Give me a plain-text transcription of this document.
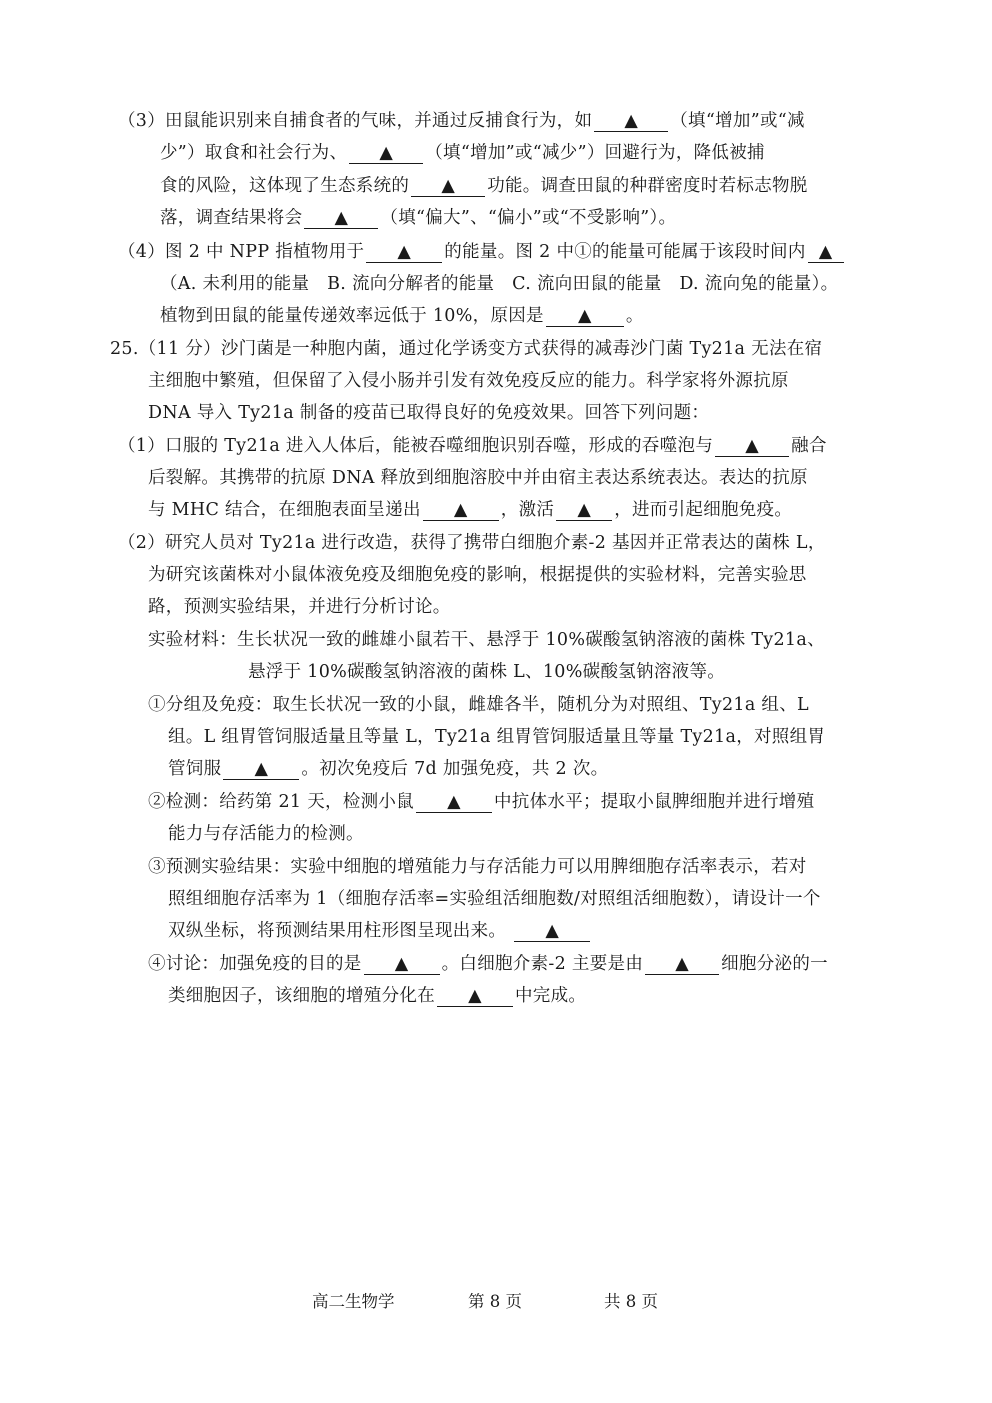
（3）田鼠能识别来自捕食者的气味，并通过反捕食行为，如 ▲ （填“增加”或“减
少”）取食和社会行为、 ▲ （填“增加”或“减少”）回避行为，降低被捕
食的风险，这体现了生态系统的 ▲ 功能。调查田鼠的种群密度时若标志物脱
落，调查结果将会 ▲ （填“偏大”、“偏小”或“不受影响”）。
（4）图 2 中 NPP 指植物用于 ▲ 的能量。图 2 中①的能量可能属于该段时间内 ▲
（A. 未利用的能量　B. 流向分解者的能量　C. 流向田鼠的能量　D. 流向兔的能量）。
植物到田鼠的能量传递效率远低于 10%，原因是 ▲ 。
25.（11 分）沙门菌是一种胞内菌，通过化学诱变方式获得的减毒沙门菌 Ty21a 无法在宿
主细胞中繁殖，但保留了入侵小肠并引发有效免疫反应的能力。科学家将外源抗原
DNA 导入 Ty21a 制备的疫苗已取得良好的免疫效果。回答下列问题：
（1）口服的 Ty21a 进入人体后，能被吞噬细胞识别吞噬，形成的吞噬泡与 ▲ 融合
后裂解。其携带的抗原 DNA 释放到细胞溶胶中并由宿主表达系统表达。表达的抗原
与 MHC 结合，在细胞表面呈递出 ▲ ，激活 ▲ ，进而引起细胞免疫。
（2）研究人员对 Ty21a 进行改造，获得了携带白细胞介素-2 基因并正常表达的菌株 L，
为研究该菌株对小鼠体液免疫及细胞免疫的影响，根据提供的实验材料，完善实验思
路，预测实验结果，并进行分析讨论。
实验材料：生长状况一致的雌雄小鼠若干、悬浮于 10%碳酸氢钠溶液的菌株 Ty21a、
悬浮于 10%碳酸氢钠溶液的菌株 L、10%碳酸氢钠溶液等。
①分组及免疫：取生长状况一致的小鼠，雌雄各半，随机分为对照组、Ty21a 组、L
组。L 组胃管饲服适量且等量 L，Ty21a 组胃管饲服适量且等量 Ty21a，对照组胃
管饲服 ▲ 。初次免疫后 7d 加强免疫，共 2 次。
②检测：给药第 21 天，检测小鼠 ▲ 中抗体水平；提取小鼠脾细胞并进行增殖
能力与存活能力的检测。
③预测实验结果：实验中细胞的增殖能力与存活能力可以用脾细胞存活率表示，若对
照组细胞存活率为 1（细胞存活率=实验组活细胞数/对照组活细胞数），请设计一个
双纵坐标，将预测结果用柱形图呈现出来。 ▲
④讨论：加强免疫的目的是 ▲ 。白细胞介素-2 主要是由 ▲ 细胞分泌的一
类细胞因子，该细胞的增殖分化在 ▲ 中完成。
高二生物学	第 8 页	共 8 页
